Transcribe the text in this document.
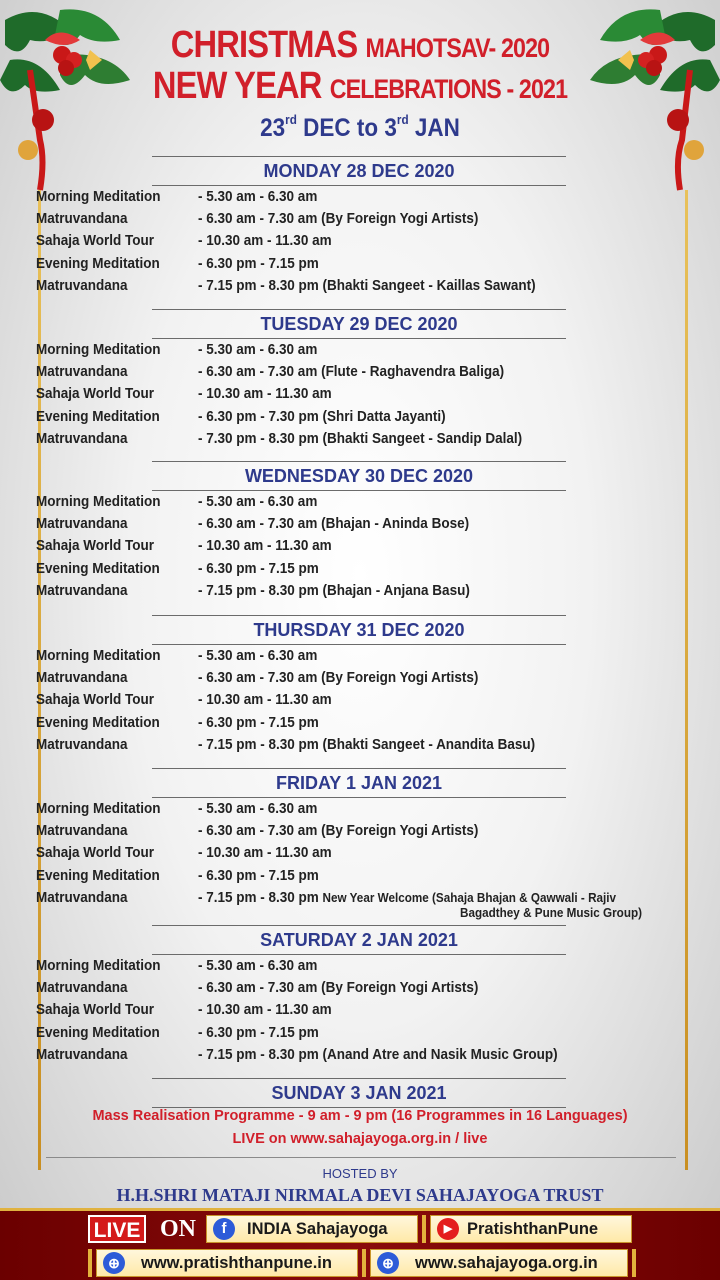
CHRISTMAS MAHOTSAV- 2020
NEW YEAR CELEBRATIONS - 2021
23rd DEC to 3rd JAN
MONDAY 28 DEC 2020
Morning Meditation	- 5.30 am - 6.30 am
Matruvandana	- 6.30 am - 7.30 am (By Foreign Yogi Artists)
Sahaja World Tour	- 10.30 am - 11.30 am
Evening Meditation	- 6.30 pm - 7.15 pm
Matruvandana	- 7.15 pm - 8.30 pm (Bhakti Sangeet - Kaillas Sawant)
TUESDAY 29 DEC 2020
Morning Meditation	- 5.30 am - 6.30 am
Matruvandana	- 6.30 am - 7.30 am (Flute - Raghavendra Baliga)
Sahaja World Tour	- 10.30 am - 11.30 am
Evening Meditation	- 6.30 pm - 7.30 pm (Shri Datta Jayanti)
Matruvandana	- 7.30 pm - 8.30 pm (Bhakti Sangeet - Sandip Dalal)
WEDNESDAY 30 DEC 2020
Morning Meditation	- 5.30 am - 6.30 am
Matruvandana	- 6.30 am - 7.30 am (Bhajan - Aninda Bose)
Sahaja World Tour	- 10.30 am - 11.30 am
Evening Meditation	- 6.30 pm - 7.15 pm
Matruvandana	- 7.15 pm - 8.30 pm (Bhajan - Anjana Basu)
THURSDAY 31 DEC 2020
Morning Meditation	- 5.30 am - 6.30 am
Matruvandana	- 6.30 am - 7.30 am (By Foreign Yogi Artists)
Sahaja World Tour	- 10.30 am - 11.30 am
Evening Meditation	- 6.30 pm - 7.15 pm
Matruvandana	- 7.15 pm - 8.30 pm (Bhakti Sangeet - Anandita Basu)
FRIDAY 1 JAN 2021
Morning Meditation	- 5.30 am - 6.30 am
Matruvandana	- 6.30 am - 7.30 am (By Foreign Yogi Artists)
Sahaja World Tour	- 10.30 am - 11.30 am
Evening Meditation	- 6.30 pm - 7.15 pm
Matruvandana	- 7.15 pm - 8.30 pm New Year Welcome (Sahaja Bhajan & Qawwali - Rajiv
Bagadthey & Pune Music Group)
SATURDAY 2 JAN 2021
Morning Meditation	- 5.30 am - 6.30 am
Matruvandana	- 6.30 am - 7.30 am (By Foreign Yogi Artists)
Sahaja World Tour	- 10.30 am - 11.30 am
Evening Meditation	- 6.30 pm - 7.15 pm
Matruvandana	- 7.15 pm - 8.30 pm (Anand Atre and Nasik Music Group)
SUNDAY 3 JAN 2021
Mass Realisation Programme - 9 am - 9 pm (16 Programmes in 16 Languages)
LIVE on www.sahajayoga.org.in / live
HOSTED BY
H.H.SHRI MATAJI NIRMALA DEVI SAHAJAYOGA TRUST
LIVE ON	f	INDIA Sahajayoga	▶ PratishthanPune
⊕	www.pratishthanpune.in	⊕	www.sahajayoga.org.in
